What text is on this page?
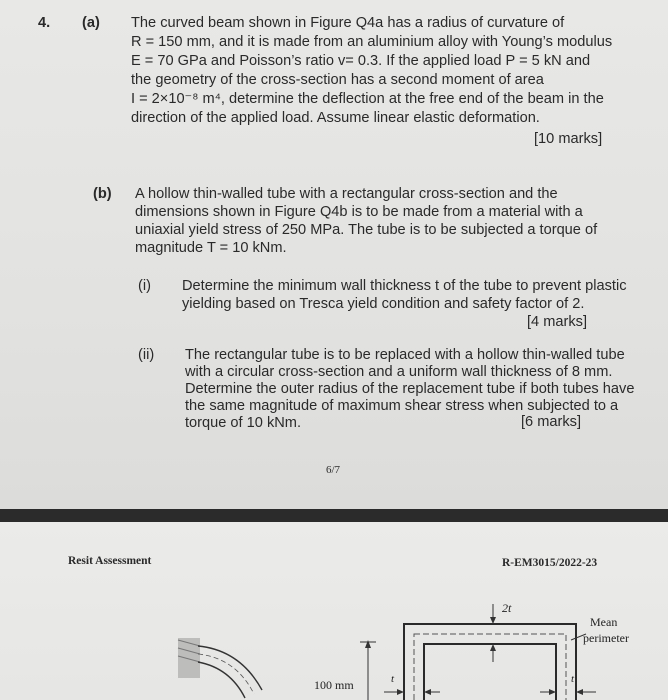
4. (a) The curved beam shown in Figure Q4a has a radius of curvature of
R = 150 mm, and it is made from an aluminium alloy with Young’s modulus
E = 70 GPa and Poisson’s ratio v= 0.3. If the applied load P = 5 kN and
the geometry of the cross-section has a second moment of area
I = 2×10⁻⁸ m⁴, determine the deflection at the free end of the beam in the
direction of the applied load. Assume linear elastic deformation.
[10 marks]
(b) A hollow thin-walled tube with a rectangular cross-section and the
dimensions shown in Figure Q4b is to be made from a material with a
uniaxial yield stress of 250 MPa. The tube is to be subjected a torque of
magnitude T = 10 kNm.
(i) Determine the minimum wall thickness t of the tube to prevent plastic
yielding based on Tresca yield condition and safety factor of 2.
[4 marks]
(ii) The rectangular tube is to be replaced with a hollow thin-walled tube
with a circular cross-section and a uniform wall thickness of 8 mm.
Determine the outer radius of the replacement tube if both tubes have
the same magnitude of maximum shear stress when subjected to a
torque of 10 kNm.	[6 marks]
6/7
Resit Assessment	R-EM3015/2022-23
100 mm
2t
Mean
perimeter
t	t
